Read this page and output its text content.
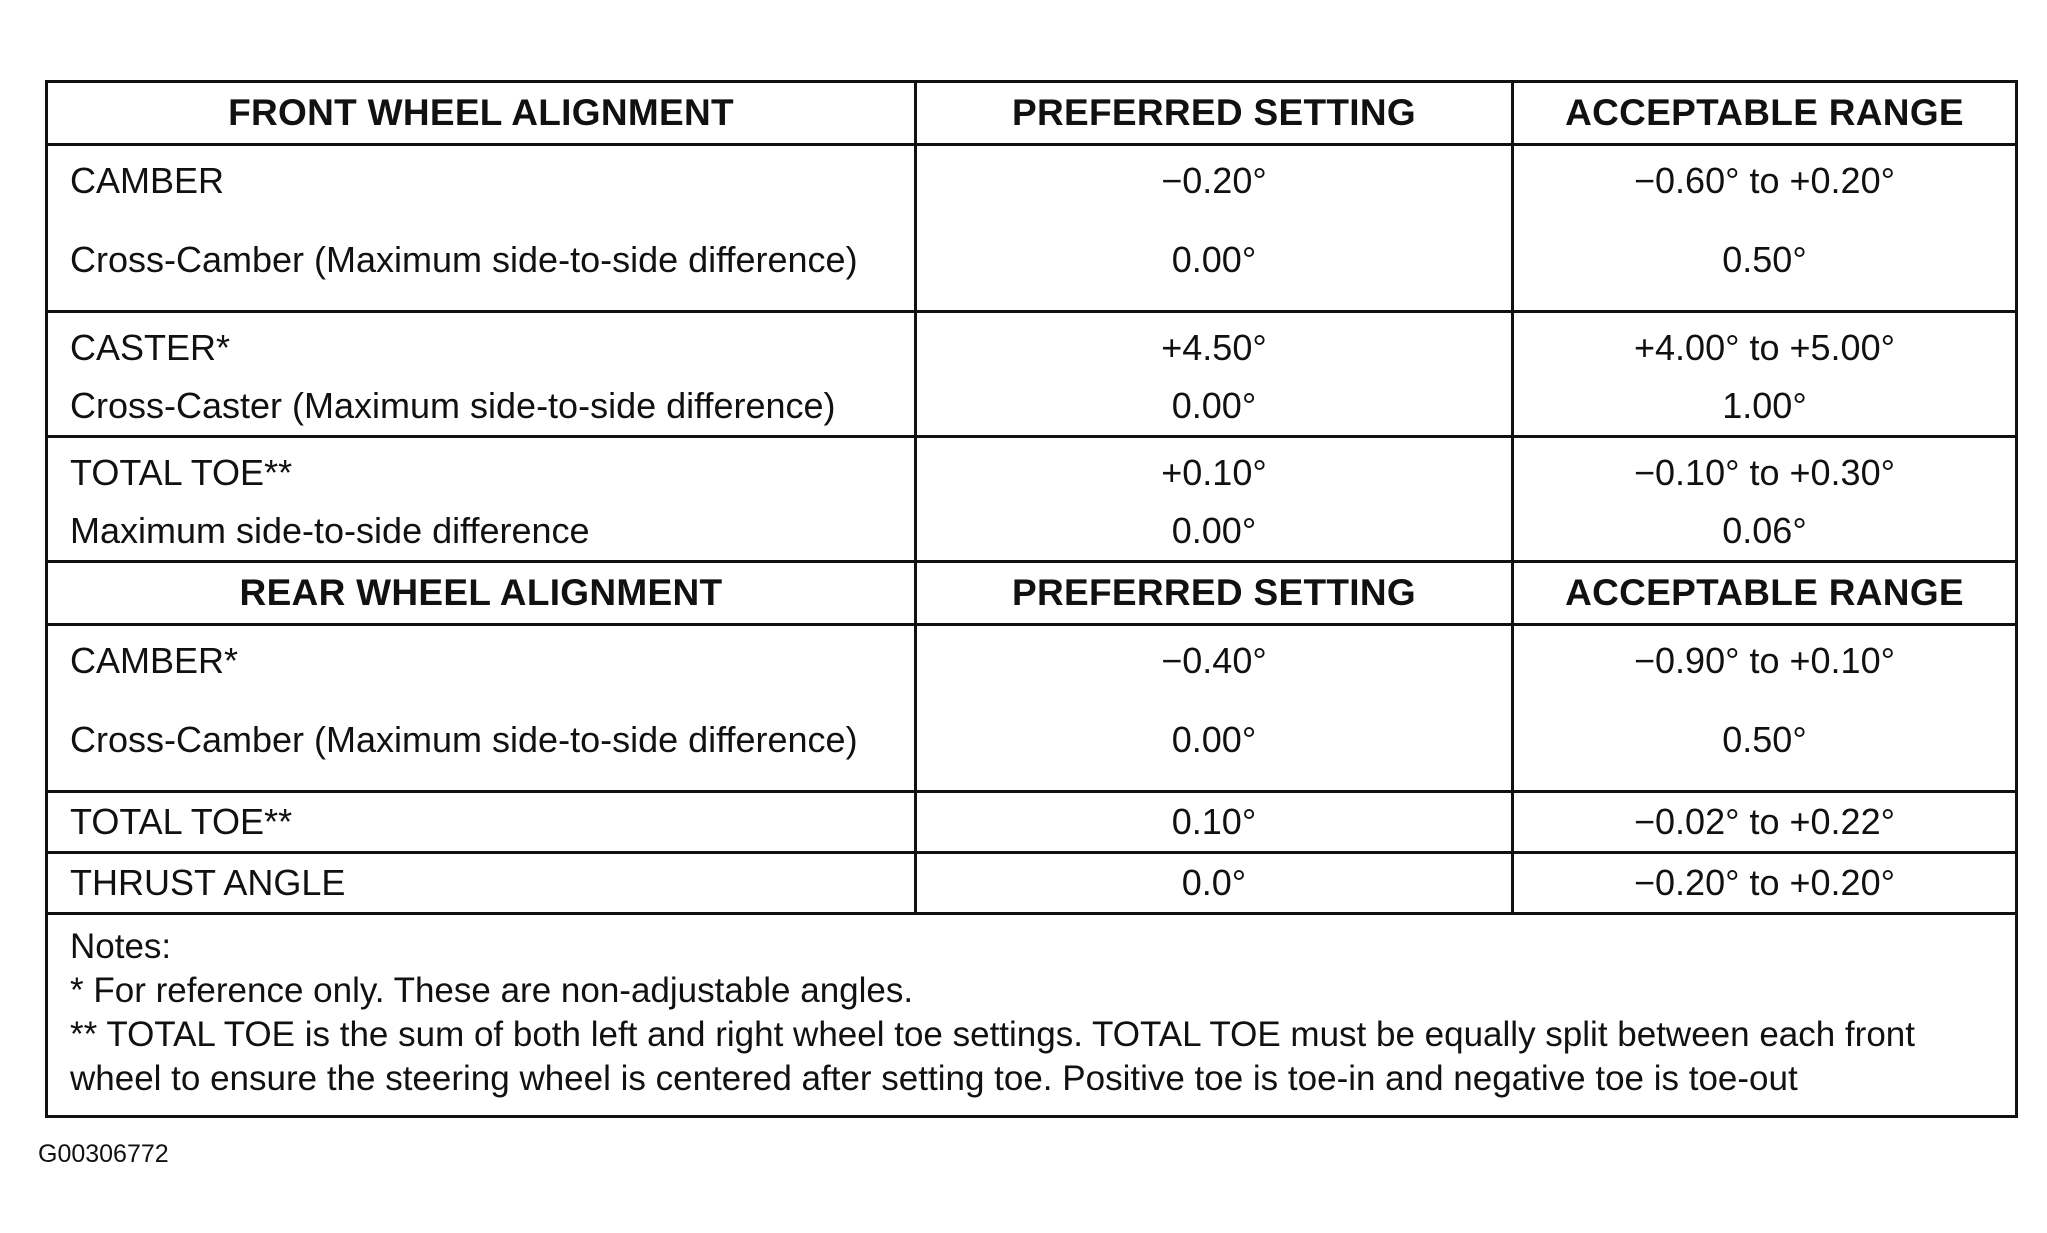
FRONT WHEEL ALIGNMENT	PREFERRED SETTING	ACCEPTABLE RANGE
CAMBER	−0.20°	−0.60° to +0.20°
Cross-Camber (Maximum side-to-side difference)	0.00°	0.50°
CASTER*	+4.50°	+4.00° to +5.00°
Cross-Caster (Maximum side-to-side difference)	0.00°	1.00°
TOTAL TOE**	+0.10°	−0.10° to +0.30°
Maximum side-to-side difference	0.00°	0.06°
REAR WHEEL ALIGNMENT	PREFERRED SETTING	ACCEPTABLE RANGE
CAMBER*	−0.40°	−0.90° to +0.10°
Cross-Camber (Maximum side-to-side difference)	0.00°	0.50°
TOTAL TOE**	0.10°	−0.02° to +0.22°
THRUST ANGLE	0.0°	−0.20° to +0.20°

Notes:
* For reference only. These are non-adjustable angles.
** TOTAL TOE is the sum of both left and right wheel toe settings. TOTAL TOE must be equally split between each front wheel to ensure the steering wheel is centered after setting toe. Positive toe is toe-in and negative toe is toe-out		
G00306772
